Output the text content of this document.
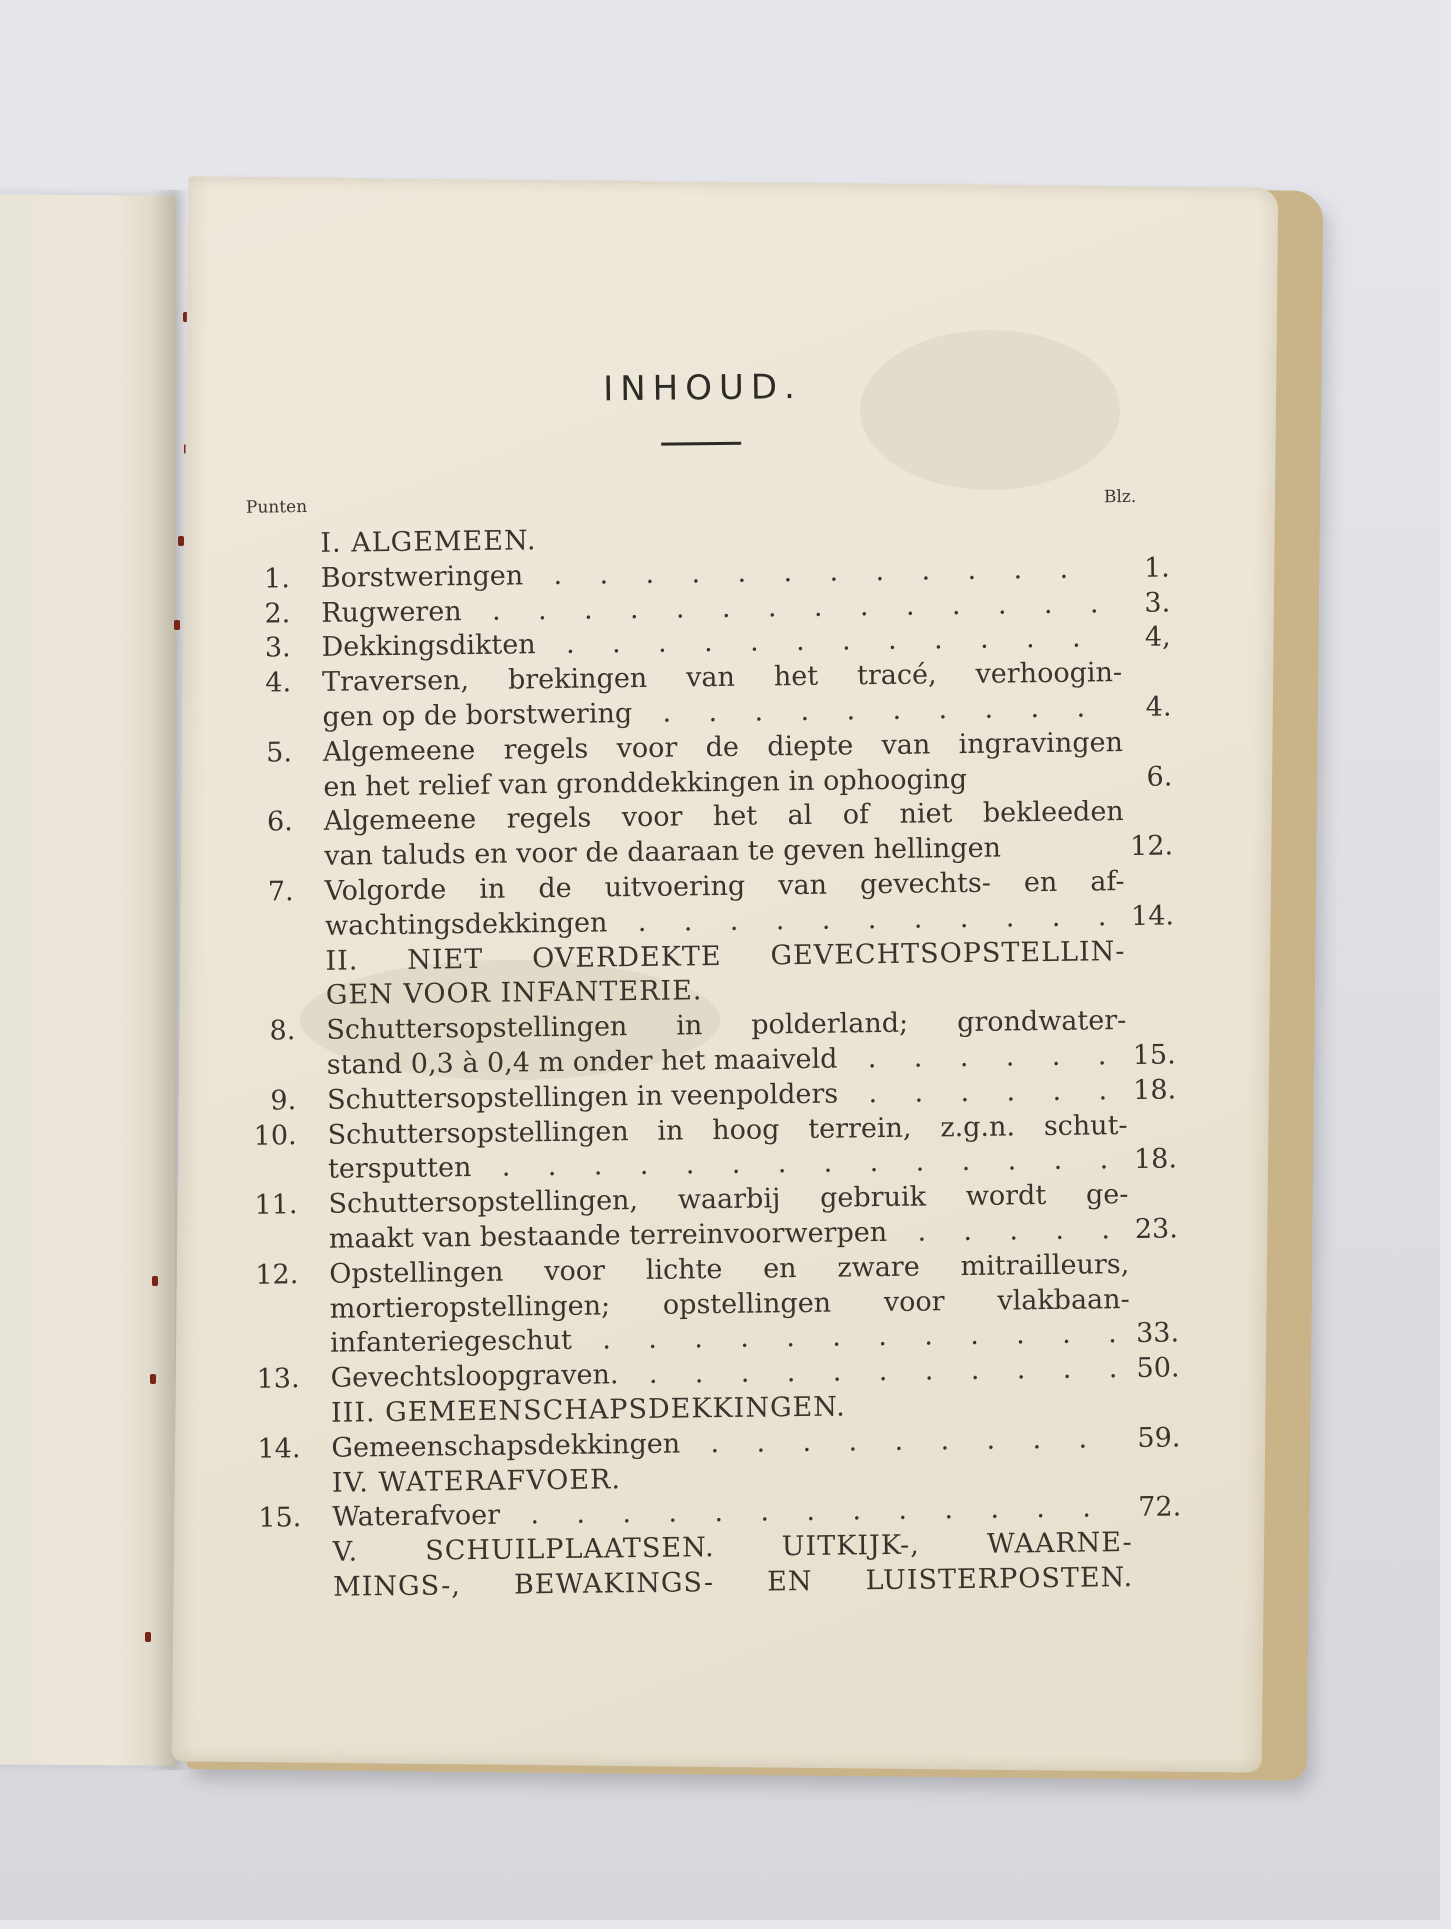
INHOUD.
Punten	Blz.
I. ALGEMEEN.
1. Borstweringen	. . . . . . . . . . . .	1.
2. Rugweren	. . . . . . . . . . . . . .	3.
3. Dekkingsdikten	. . . . . . . . . . . .	4,
4. Traversen, brekingen van het tracé, verhoogin-
gen op de borstwering	. . . . . . . . . .	4.
5. Algemeene regels voor de diepte van ingravingen
en het relief van gronddekkingen in ophooging	6.
6. Algemeene regels voor het al of niet bekleeden
van taluds en voor de daaraan te geven hellingen	12.
7. Volgorde in de uitvoering van gevechts- en af-
wachtingsdekkingen	. . . . . . . . . . . 14.
II. NIET OVERDEKTE GEVECHTSOPSTELLIN-
GEN VOOR INFANTERIE.
8. Schuttersopstellingen in polderland; grondwater-
stand 0,3 à 0,4 m onder het maaiveld	. . . . . . 15.
9. Schuttersopstellingen in veenpolders	. . . . . . 18.
10. Schuttersopstellingen in hoog terrein, z.g.n. schut-
tersputten	. . . . . . . . . . . . . . 18.
11. Schuttersopstellingen, waarbij gebruik wordt ge-
maakt van bestaande terreinvoorwerpen	. . . . . 23.
12. Opstellingen voor lichte en zware mitrailleurs,
mortieropstellingen; opstellingen voor vlakbaan-
infanteriegeschut	. . . . . . . . . . . . 33.
13. Gevechtsloopgraven.	. . . . . . . . . . . 50.
III. GEMEENSCHAPSDEKKINGEN.
14. Gemeenschapsdekkingen	. . . . . . . . .	59.
IV. WATERAFVOER.
15. Waterafvoer	. . . . . . . . . . . . .	72.
V. SCHUILPLAATSEN. UITKIJK-, WAARNE-
MINGS-, BEWAKINGS- EN LUISTERPOSTEN.
